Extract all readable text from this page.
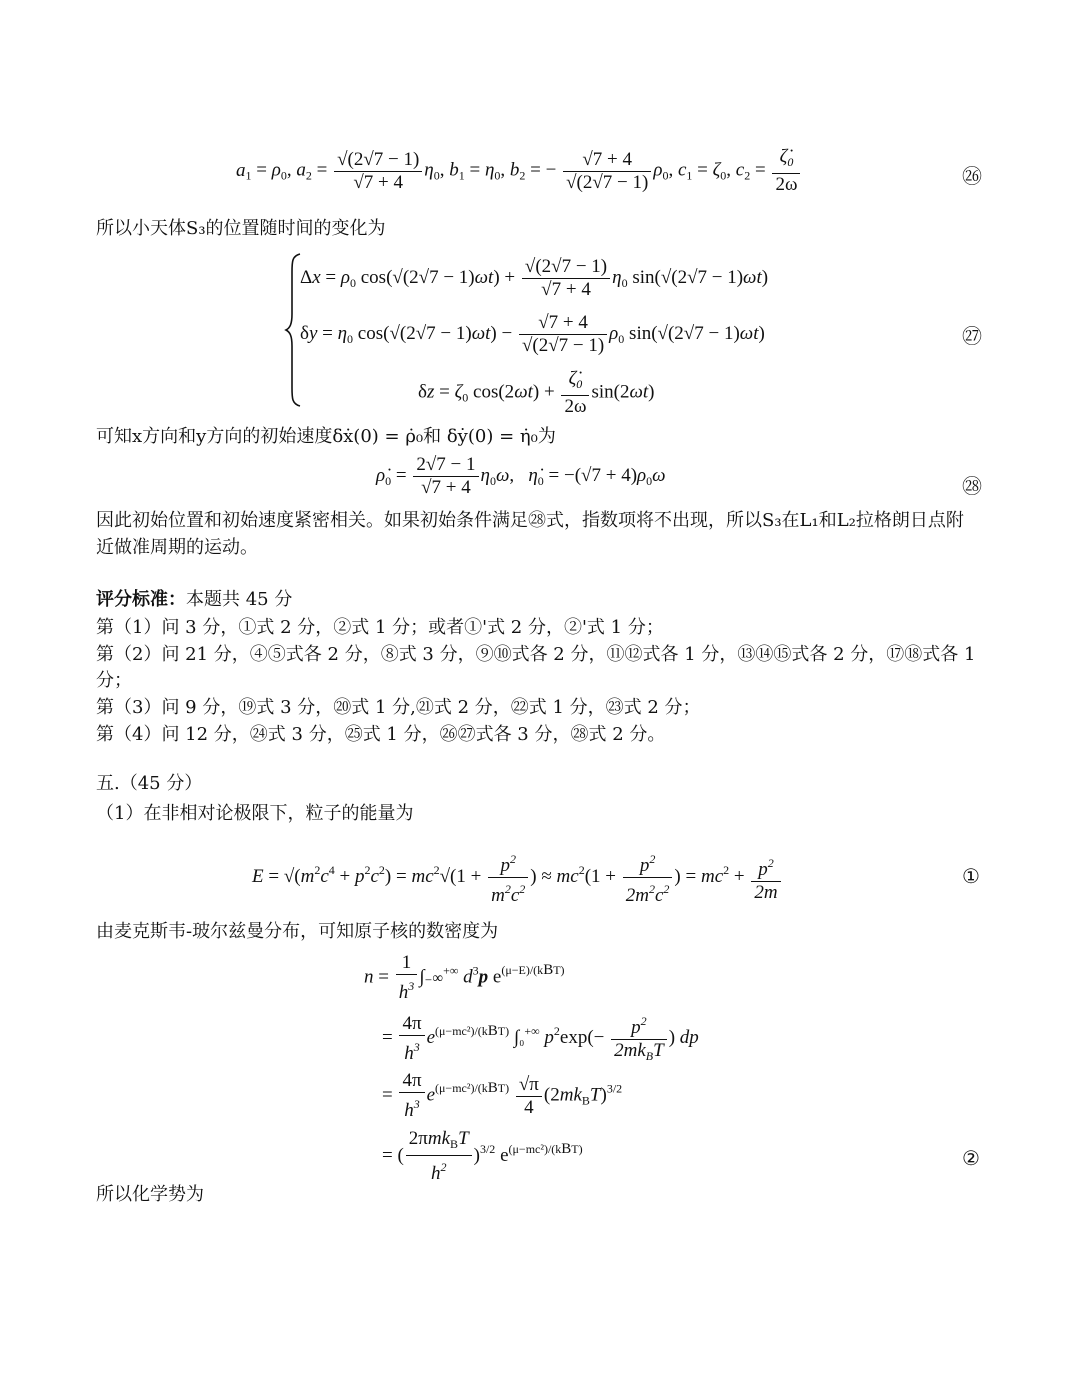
$a_1 = \rho_0$, $a_2 = \frac{√(2√7 - 1)}{√7 + 4} \eta_0$, $b_1 = \eta_0$, $b_2$ = − $\frac{√7 + 4}{√(2√7 - 1)} \rho_0$, $c_1 = \zeta_0$, $c_2 = \frac{\zetȧ_0}{2\omega}$	㉖
所以小天体S₃的位置随时间的变化为
$\Delta x = \rho_0$ $\cos(√(2√7 - 1)\omega t) + \frac{√(2√7 - 1)}{√7 + 4} \eta_0$ sin(√(2√7 − 1)ωt)
$\delta y = \eta_0$ $\cos(√(2√7 - 1)\omega t) - \frac{√7 + 4}{√(2√7 - 1)} \rho_0$ sin(√(2√7 − 1)ωt)
$\delta z = \zeta_0$ $\cos(2\omega t) + \frac{\zetȧ_0}{2\omega} \sin(2\omega t)$
㉗
可知x方向和y方向的初始速度δẋ(0) = ρ̇₀和 δẏ(0) = η̇₀为
$\rhȯ_0 = \frac{2√7 - 1}{√7 + 4} \eta_0\omega$,   $\etȧ_0 = -(√7 + 4)\rho_0\omega$	㉘
因此初始位置和初始速度紧密相关。如果初始条件满足㉘式，指数项将不出现，所以S₃在L₁和L₂拉格朗日点附
近做准周期的运动。
评分标准：本题共 45 分
第（1）问 3 分，①式 2 分，②式 1 分；或者①'式 2 分，②'式 1 分；
第（2）问 21 分，④⑤式各 2 分，⑧式 3 分，⑨⑩式各 2 分，⑪⑫式各 1 分，⑬⑭⑮式各 2 分，⑰⑱式各 1
分；
第（3）问 9 分，⑲式 3 分，⑳式 1 分,㉑式 2 分，㉒式 1 分，㉓式 2 分；
第（4）问 12 分，㉔式 3 分，㉕式 1 分，㉖㉗式各 3 分，㉘式 2 分。
五.（45 分）
（1）在非相对论极限下，粒子的能量为
$E = √(m^2c^4 + p^2c^2) = mc^2√(1 + \frac{p^2}{m^2c^2}$ ) ≈ $mc^2(1 + \frac{p^2}{2m^2c^2}$ ) = $mc^2 + \frac{p^2}{2m}$	①
由麦克斯韦-玻尔兹曼分布，可知原子核的数密度为
$n = \frac{1}{h^3} \int_-\infty^{+\infty}$ $d^3p$ $e^{(\mu-E)/(kBT)}$
= $\frac{4\pi}{h^3} e^{(\mu-mc^2)/(kBT)}$ ∫₀+∞ $p^2\exp(- \frac{p^2}{2mk_BT}$ ) dp
= $\frac{4\pi}{h^3} e^{(\mu-mc^2)/(kBT)} \frac{√\pi}{4} (2mk_BT)^{3/2}$
= ( $\frac{2\pi mk_BT}{h^2} )^{3/2}$ $e^{(\mu-mc^2)/(kBT)}$	②
所以化学势为
